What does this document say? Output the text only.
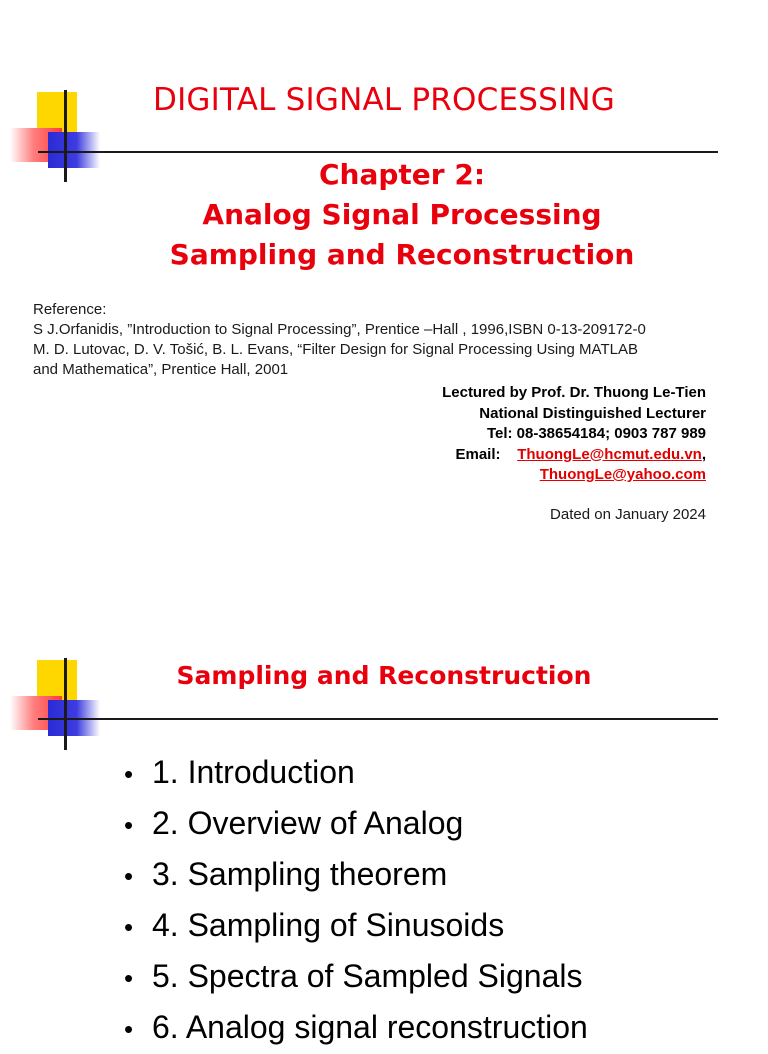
DIGITAL SIGNAL PROCESSING
Chapter 2:
Analog Signal Processing
Sampling and Reconstruction
Reference:
S J.Orfanidis, ”Introduction to Signal Processing”, Prentice –Hall , 1996,ISBN 0-13-209172-0
M. D. Lutovac, D. V. Tošić, B. L. Evans, “Filter Design for Signal Processing Using MATLAB
and Mathematica”, Prentice Hall, 2001
Lectured by Prof. Dr. Thuong Le-Tien
National Distinguished Lecturer
Tel: 08-38654184; 0903 787 989
Email: ThuongLe@hcmut.edu.vn,
ThuongLe@yahoo.com
Dated on January 2024
Sampling and Reconstruction
• 1. Introduction
• 2. Overview of Analog
• 3. Sampling theorem
• 4. Sampling of Sinusoids
• 5. Spectra of Sampled Signals
• 6. Analog signal reconstruction
